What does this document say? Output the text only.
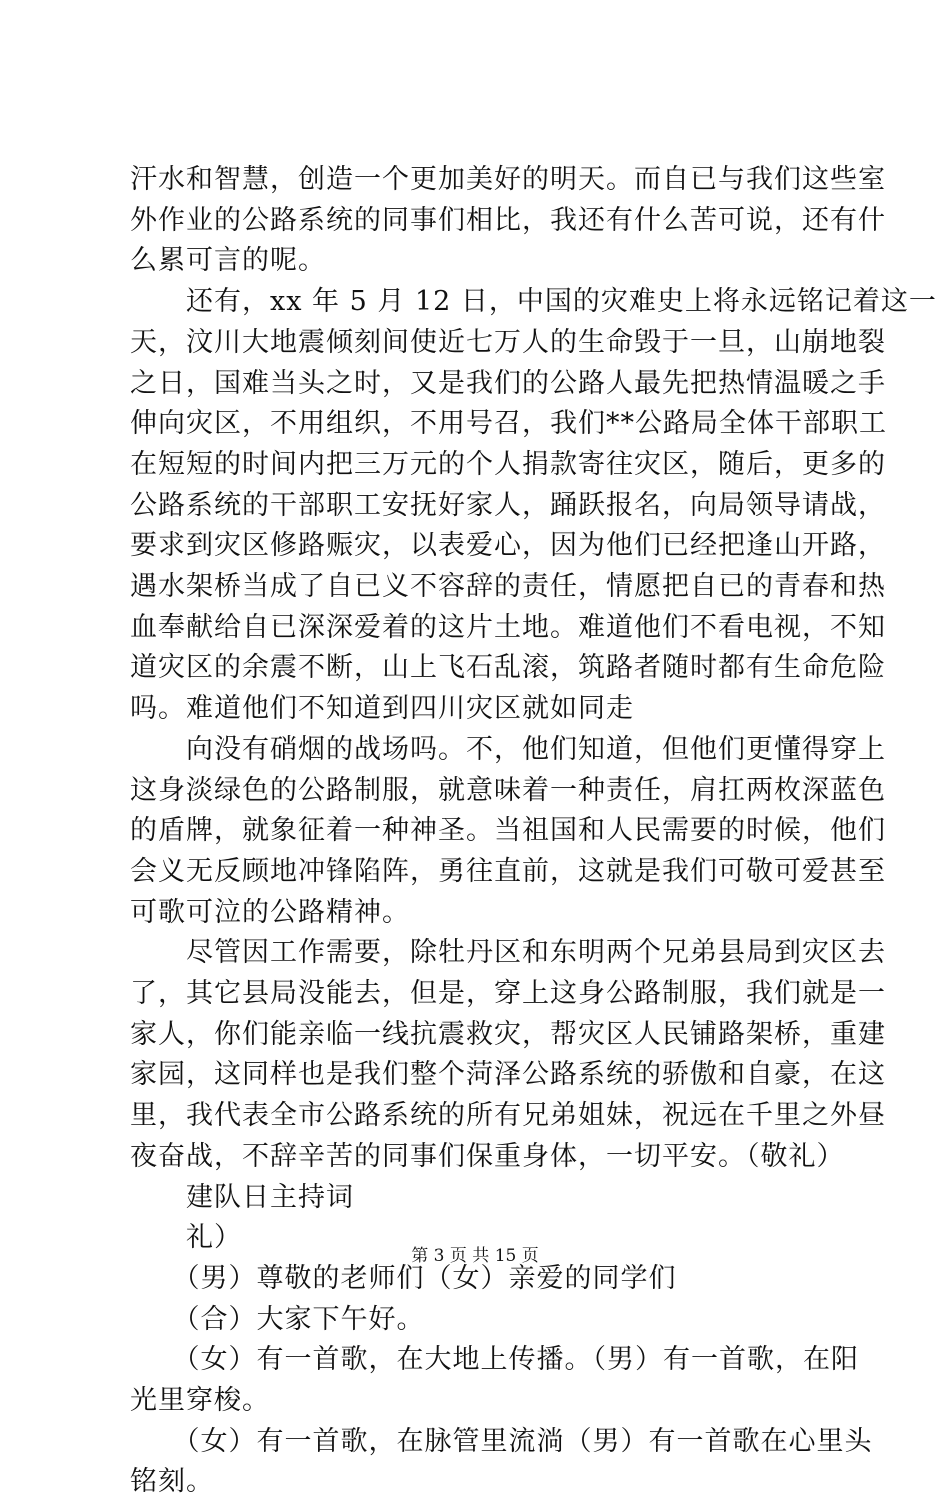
汗水和智慧，创造一个更加美好的明天。而自已与我们这些室
外作业的公路系统的同事们相比，我还有什么苦可说，还有什
么累可言的呢。
　　还有，xx 年 5 月 12 日，中国的灾难史上将永远铭记着这一
天，汶川大地震倾刻间使近七万人的生命毁于一旦，山崩地裂
之日，国难当头之时，又是我们的公路人最先把热情温暖之手
伸向灾区，不用组织，不用号召，我们**公路局全体干部职工
在短短的时间内把三万元的个人捐款寄往灾区，随后，更多的
公路系统的干部职工安抚好家人，踊跃报名，向局领导请战，
要求到灾区修路赈灾，以表爱心，因为他们已经把逢山开路，
遇水架桥当成了自已义不容辞的责任，情愿把自已的青春和热
血奉献给自已深深爱着的这片土地。难道他们不看电视，不知
道灾区的余震不断，山上飞石乱滚，筑路者随时都有生命危险
吗。难道他们不知道到四川灾区就如同走
　　向没有硝烟的战场吗。不，他们知道，但他们更懂得穿上
这身淡绿色的公路制服，就意味着一种责任，肩扛两枚深蓝色
的盾牌，就象征着一种神圣。当祖国和人民需要的时候，他们
会义无反顾地冲锋陷阵，勇往直前，这就是我们可敬可爱甚至
可歌可泣的公路精神。
　　尽管因工作需要，除牡丹区和东明两个兄弟县局到灾区去
了，其它县局没能去，但是，穿上这身公路制服，我们就是一
家人，你们能亲临一线抗震救灾，帮灾区人民铺路架桥，重建
家园，这同样也是我们整个菏泽公路系统的骄傲和自豪，在这
里，我代表全市公路系统的所有兄弟姐妹，祝远在千里之外昼
夜奋战，不辞辛苦的同事们保重身体，一切平安。（敬礼）
　　建队日主持词
　　礼）
　　（男）尊敬的老师们（女）亲爱的同学们
　　（合）大家下午好。
　　（女）有一首歌，在大地上传播。（男）有一首歌，在阳
光里穿梭。
　　（女）有一首歌，在脉管里流淌（男）有一首歌在心里头
铭刻。
第 3 页 共 15 页
